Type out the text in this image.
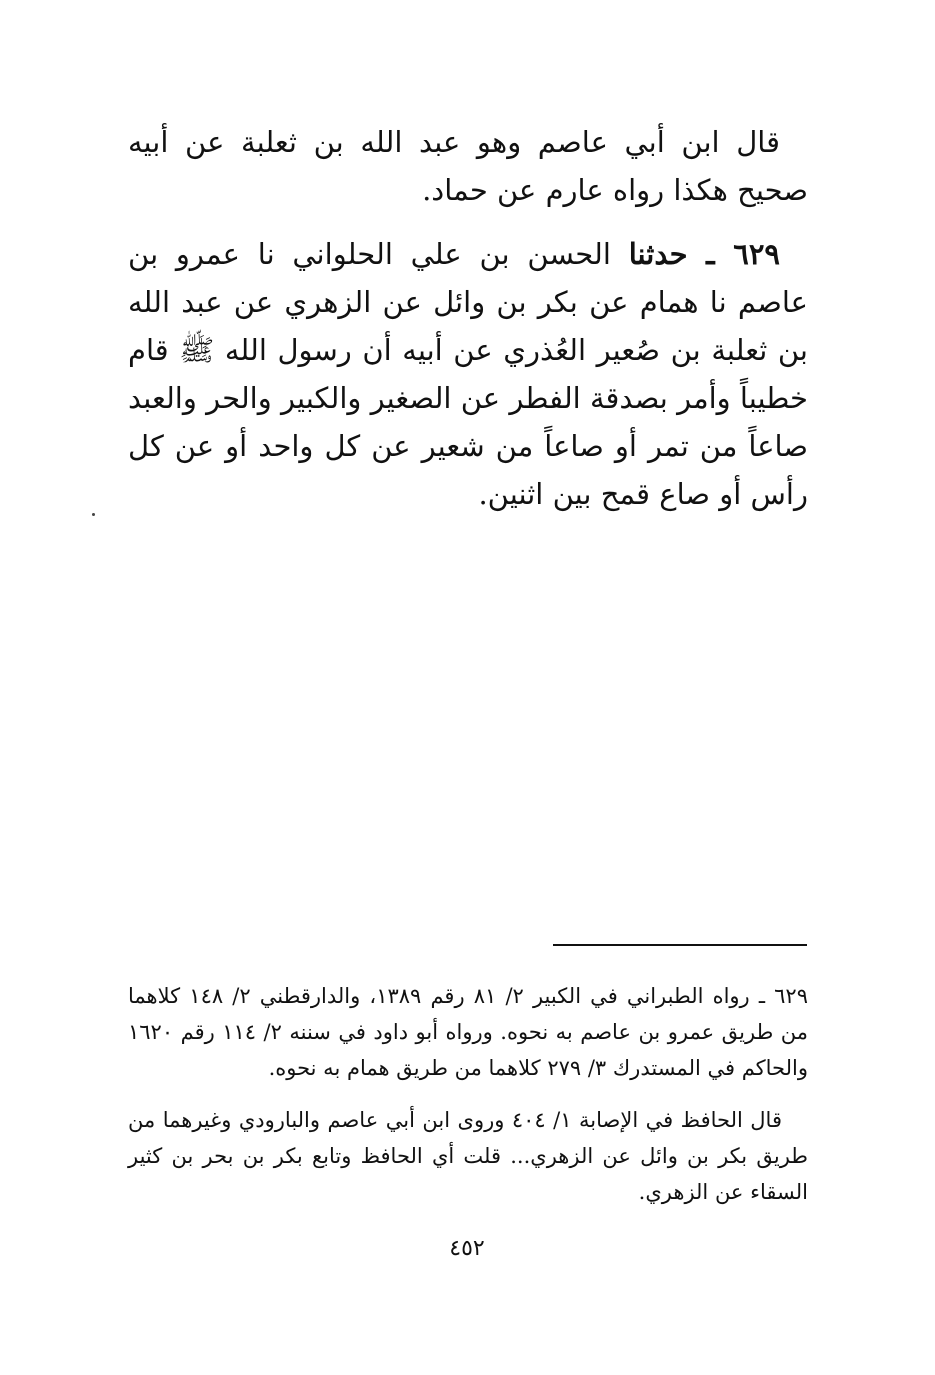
قال ابن أبي عاصم وهو عبد الله بن ثعلبة عن أبيه صحيح هكذا رواه عارم عن حماد.

٦٢٩ ـ حدثنا الحسن بن علي الحلواني نا عمرو بن عاصم نا همام عن بكر بن وائل عن الزهري عن عبد الله بن ثعلبة بن صُعير العُذري عن أبيه أن رسول الله ﷺ قام خطيباً وأمر بصدقة الفطر عن الصغير والكبير والحر والعبد صاعاً من تمر أو صاعاً من شعير عن كل واحد أو عن كل رأس أو صاع قمح بين اثنين.

٦٢٩ ـ رواه الطبراني في الكبير ٢/ ٨١ رقم ١٣٨٩، والدارقطني ٢/ ١٤٨ كلاهما من طريق عمرو بن عاصم به نحوه. ورواه أبو داود في سننه ٢/ ١١٤ رقم ١٦٢٠ والحاكم في المستدرك ٣/ ٢٧٩ كلاهما من طريق همام به نحوه.

قال الحافظ في الإصابة ١/ ٤٠٤ وروى ابن أبي عاصم والبارودي وغيرهما من طريق بكر بن وائل عن الزهري... قلت أي الحافظ وتابع بكر بن بحر بن كثير السقاء عن الزهري.

٤٥٢
